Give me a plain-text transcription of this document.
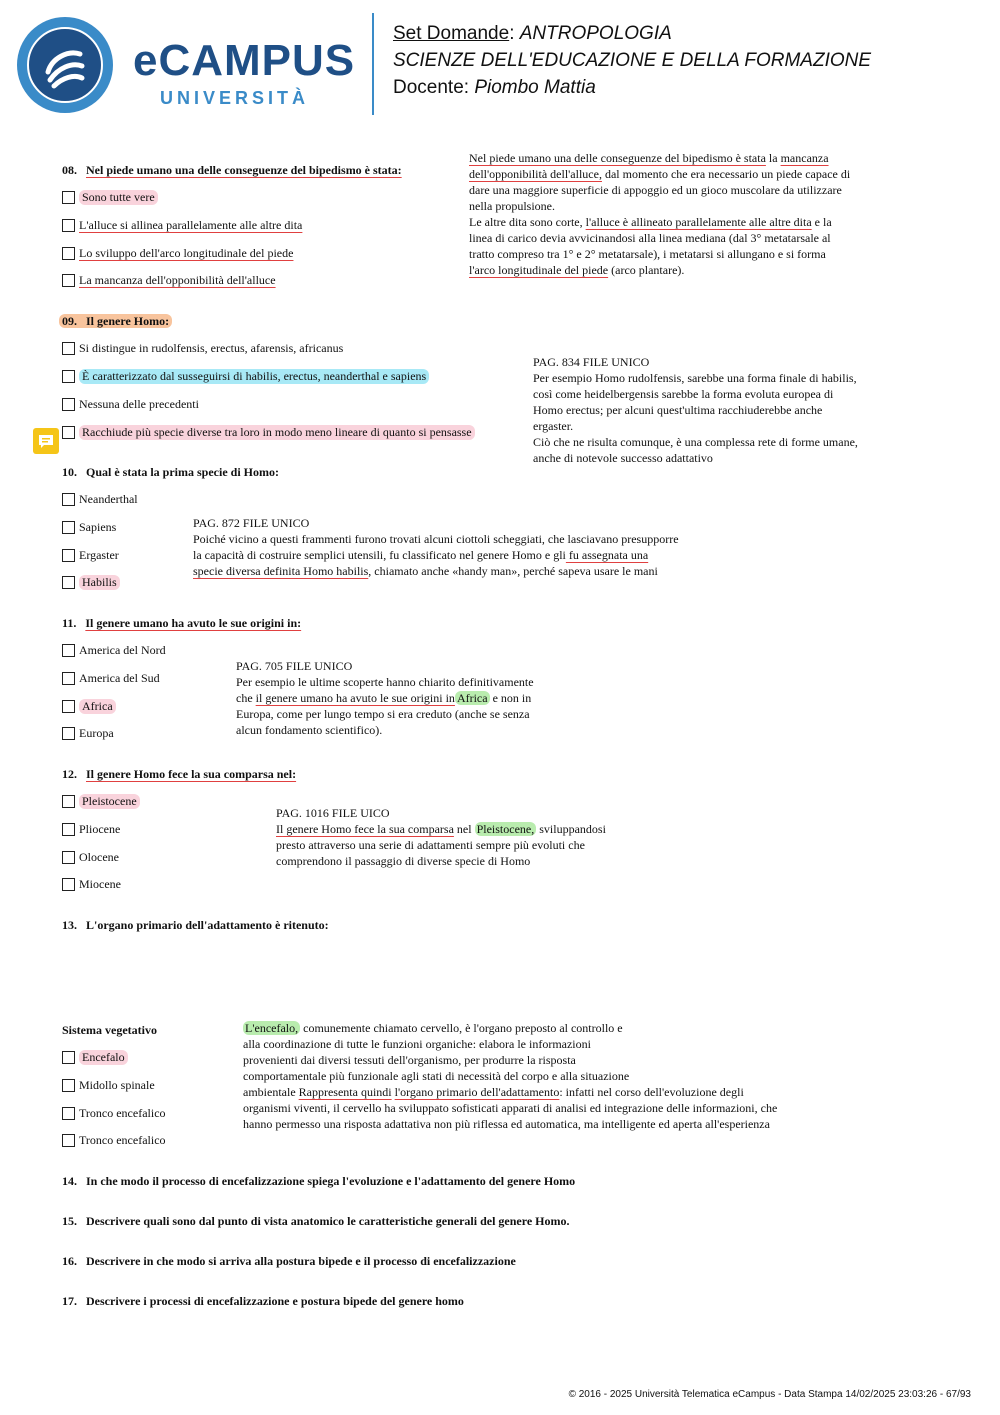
eCAMPUS
UNIVERSITÀ
Set Domande: ANTROPOLOGIA
SCIENZE DELL'EDUCAZIONE E DELLA FORMAZIONE
Docente: Piombo Mattia
08. Nel piede umano una delle conseguenze del bipedismo è stata:
Sono tutte vere
L'alluce si allinea parallelamente alle altre dita
Lo sviluppo dell'arco longitudinale del piede
La mancanza dell'opponibilità dell'alluce
Nel piede umano una delle conseguenze del bipedismo è stata la mancanza
dell'opponibilità dell'alluce, dal momento che era necessario un piede capace di
dare una maggiore superficie di appoggio ed un gioco muscolare da utilizzare
nella propulsione.
Le altre dita sono corte, l'alluce è allineato parallelamente alle altre dita e la
linea di carico devia avvicinandosi alla linea mediana (dal 3° metatarsale al
tratto compreso tra 1° e 2° metatarsale), i metatarsi si allungano e si forma
l'arco longitudinale del piede (arco plantare).
09. Il genere Homo:
Si distingue in rudolfensis, erectus, afarensis, africanus
È caratterizzato dal susseguirsi di habilis, erectus, neanderthal e sapiens
Nessuna delle precedenti
Racchiude più specie diverse tra loro in modo meno lineare di quanto si pensasse
PAG. 834 FILE UNICO
Per esempio Homo rudolfensis, sarebbe una forma finale di habilis,
così come heidelbergensis sarebbe la forma evoluta europea di
Homo erectus; per alcuni quest'ultima racchiuderebbe anche
ergaster.
Ciò che ne risulta comunque, è una complessa rete di forme umane,
anche di notevole successo adattativo
10. Qual è stata la prima specie di Homo:
Neanderthal
Sapiens
Ergaster
Habilis
PAG. 872 FILE UNICO
Poiché vicino a questi frammenti furono trovati alcuni ciottoli scheggiati, che lasciavano presupporre
la capacità di costruire semplici utensili, fu classificato nel genere Homo e gli fu assegnata una
specie diversa definita Homo habilis, chiamato anche «handy man», perché sapeva usare le mani
11. Il genere umano ha avuto le sue origini in:
America del Nord
America del Sud
Africa
Europa
PAG. 705 FILE UNICO
Per esempio le ultime scoperte hanno chiarito definitivamente
che il genere umano ha avuto le sue origini in Africa e non in
Europa, come per lungo tempo si era creduto (anche se senza
alcun fondamento scientifico).
12. Il genere Homo fece la sua comparsa nel:
Pleistocene
Pliocene
Olocene
Miocene
PAG. 1016 FILE UICO
Il genere Homo fece la sua comparsa nel Pleistocene, sviluppandosi
presto attraverso una serie di adattamenti sempre più evoluti che
comprendono il passaggio di diverse specie di Homo
13. L'organo primario dell'adattamento è ritenuto:
Sistema vegetativo
Encefalo
Midollo spinale
Tronco encefalico
Tronco encefalico
L'encefalo, comunemente chiamato cervello, è l'organo preposto al controllo e
alla coordinazione di tutte le funzioni organiche: elabora le informazioni
provenienti dai diversi tessuti dell'organismo, per produrre la risposta
comportamentale più funzionale agli stati di necessità del corpo e alla situazione
ambientale Rappresenta quindi l'organo primario dell'adattamento: infatti nel corso dell'evoluzione degli
organismi viventi, il cervello ha sviluppato sofisticati apparati di analisi ed integrazione delle informazioni, che
hanno permesso una risposta adattativa non più riflessa ed automatica, ma intelligente ed aperta all'esperienza
14. In che modo il processo di encefalizzazione spiega l'evoluzione e l'adattamento del genere Homo
15. Descrivere quali sono dal punto di vista anatomico le caratteristiche generali del genere Homo.
16. Descrivere in che modo si arriva alla postura bipede e il processo di encefalizzazione
17. Descrivere i processi di encefalizzazione e postura bipede del genere homo
© 2016 - 2025 Università Telematica eCampus - Data Stampa 14/02/2025 23:03:26 - 67/93
